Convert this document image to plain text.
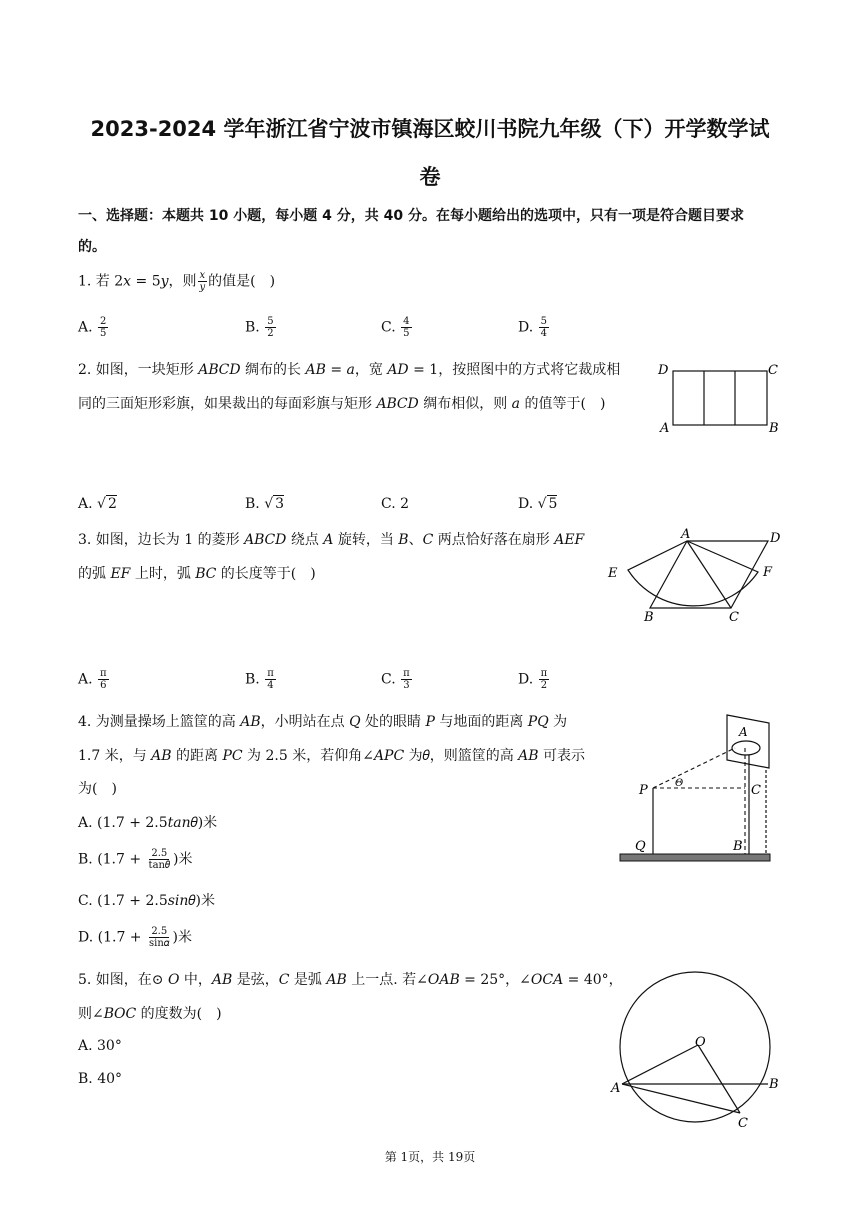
2023-2024 学年浙江省宁波市镇海区蛟川书院九年级（下）开学数学试
卷
一、选择题：本题共 10 小题，每小题 4 分，共 40 分。在每小题给出的选项中，只有一项是符合题目要求
的。
1. 若 2𝑥 = 5𝑦，则 $\frac{\text{𝑥}}{\text{𝑦}}$ 的值是(　)
A. $\frac{2}{5}$	B. $\frac{5}{2}$	C. $\frac{4}{5}$	D. $\frac{5}{4}$
2. 如图，一块矩形 𝐴𝐵𝐶𝐷 绸布的长 𝐴𝐵 = 𝑎，宽 𝐴𝐷 = 1，按照图中的方式将它裁成相
同的三面矩形彩旗，如果裁出的每面彩旗与矩形 𝐴𝐵𝐶𝐷 绸布相似，则 𝑎 的值等于(　)
D	C
A	B
A. √ 2	B. √ 3	C. 2	D. √ 5
3. 如图，边长为 1 的菱形 𝐴𝐵𝐶𝐷 绕点 𝐴 旋转，当 𝐵、𝐶 两点恰好落在扇形 𝐴𝐸𝐹
的弧 𝐸𝐹 上时，弧 𝐵𝐶 的长度等于(　)
A	D
E	F
B	C
A. $\frac{\pi}{6}$	B. $\frac{\pi}{4}$	C. $\frac{\pi}{3}$	D. $\frac{\pi}{2}$
4. 为测量操场上篮筐的高 𝐴𝐵，小明站在点 𝑄 处的眼睛 𝑃 与地面的距离 𝑃𝑄 为
1.7 米，与 𝐴𝐵 的距离 𝑃𝐶 为 2.5 米，若仰角∠𝐴𝑃𝐶 为𝜃，则篮筐的高 𝐴𝐵 可表示
为(　)
A. (1.7 + 2.5𝑡𝑎𝑛𝜃)米
B. ($1.7 + \frac{2.5}{\text{tan𝜃}}$ )米
C. (1.7 + 2.5𝑠𝑖𝑛𝜃)米
D. ($1.7 + \frac{2.5}{\text{sin𝛼}}$ )米
A
P	Θ	C
Q	B
5. 如图，在⊙ 𝑂 中，𝐴𝐵 是弦，𝐶 是弧 𝐴𝐵 上一点. 若∠𝑂𝐴𝐵 = 25°，∠𝑂𝐶𝐴 = 40°，
则∠𝐵𝑂𝐶 的度数为(　)
A. 30°
B. 40°
O
A	B
C
第 1页，共 19页
